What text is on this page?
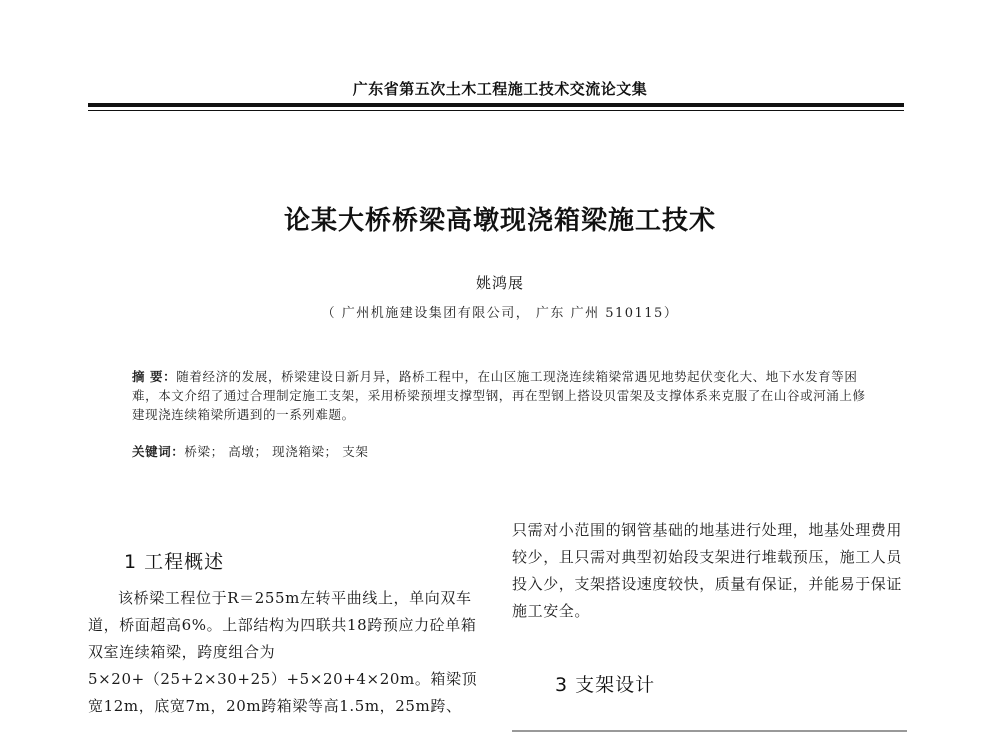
广东省第五次土木工程施工技术交流论文集
论某大桥桥梁高墩现浇箱梁施工技术
姚鸿展
（ 广州机施建设集团有限公司， 广东 广州 510115）
摘 要：随着经济的发展，桥梁建设日新月异，路桥工程中，在山区施工现浇连续箱梁常遇见地势起伏变化大、地下水发育等困难，本文介绍了通过合理制定施工支架，采用桥梁预埋支撑型钢，再在型钢上搭设贝雷架及支撑体系来克服了在山谷或河涌上修建现浇连续箱梁所遇到的一系列难题。
关键词：桥梁； 高墩； 现浇箱梁； 支架
1 工程概述

该桥梁工程位于R＝255m左转平曲线上，单向双车道，桥面超高6%。上部结构为四联共18跨预应力砼单箱双室连续箱梁，跨度组合为5×20+（25+2×30+25）+5×20+4×20m。箱梁顶宽12m，底宽7m，20m跨箱梁等高1.5m，25m跨、

只需对小范围的钢管基础的地基进行处理，地基处理费用较少，且只需对典型初始段支架进行堆载预压，施工人员投入少，支架搭设速度较快，质量有保证，并能易于保证施工安全。

3 支架设计
